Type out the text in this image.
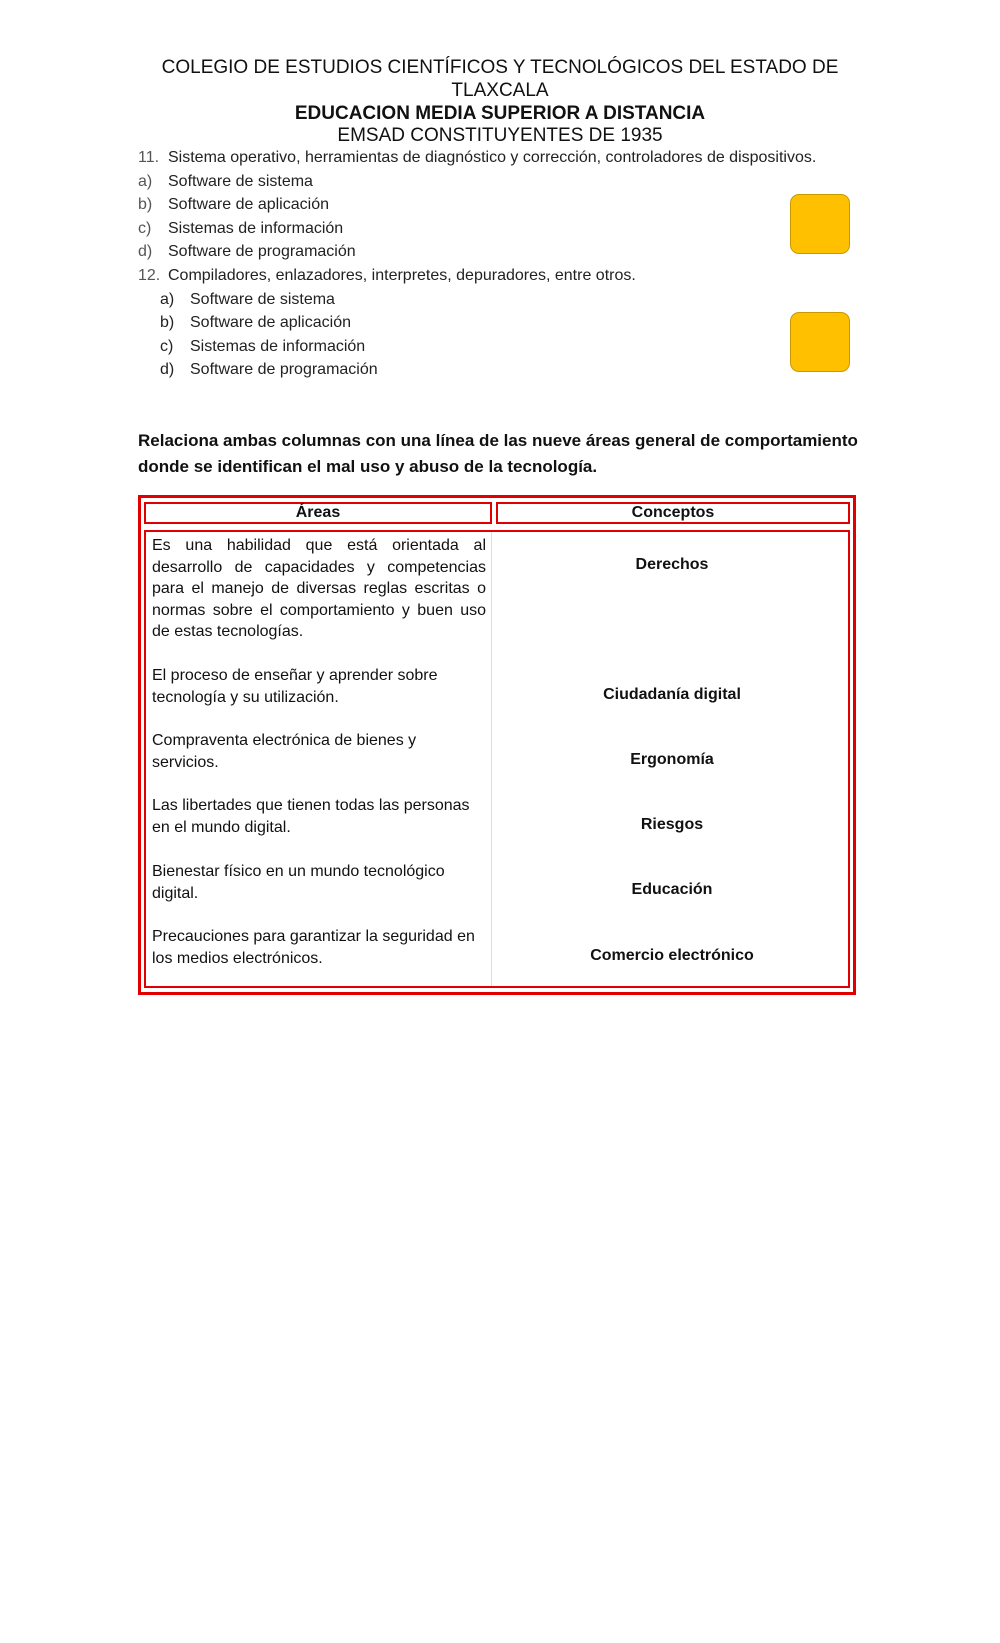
COLEGIO DE ESTUDIOS CIENTÍFICOS Y TECNOLÓGICOS DEL ESTADO DE
TLAXCALA
EDUCACION MEDIA SUPERIOR A DISTANCIA
EMSAD CONSTITUYENTES DE 1935
11. Sistema operativo, herramientas de diagnóstico y corrección, controladores de dispositivos.
a) Software de sistema
b) Software de aplicación
c) Sistemas de información
d) Software de programación
12. Compiladores, enlazadores, interpretes, depuradores, entre otros.
a) Software de sistema
b) Software de aplicación
c) Sistemas de información
d) Software de programación
Relaciona ambas columnas con una línea de las nueve áreas general de comportamiento donde se identifican el mal uso y abuso de la tecnología.
Áreas	Conceptos
Es una habilidad que está orientada al desarrollo de capacidades y competencias para el manejo de diversas reglas escritas o normas sobre el comportamiento y buen uso de estas tecnologías.
El proceso de enseñar y aprender sobre tecnología y su utilización.
Compraventa electrónica de bienes y servicios.
Las libertades que tienen todas las personas en el mundo digital.
Bienestar físico en un mundo tecnológico digital.
Precauciones para garantizar la seguridad en los medios electrónicos.
Derechos
Ciudadanía digital
Ergonomía
Riesgos
Educación
Comercio electrónico
